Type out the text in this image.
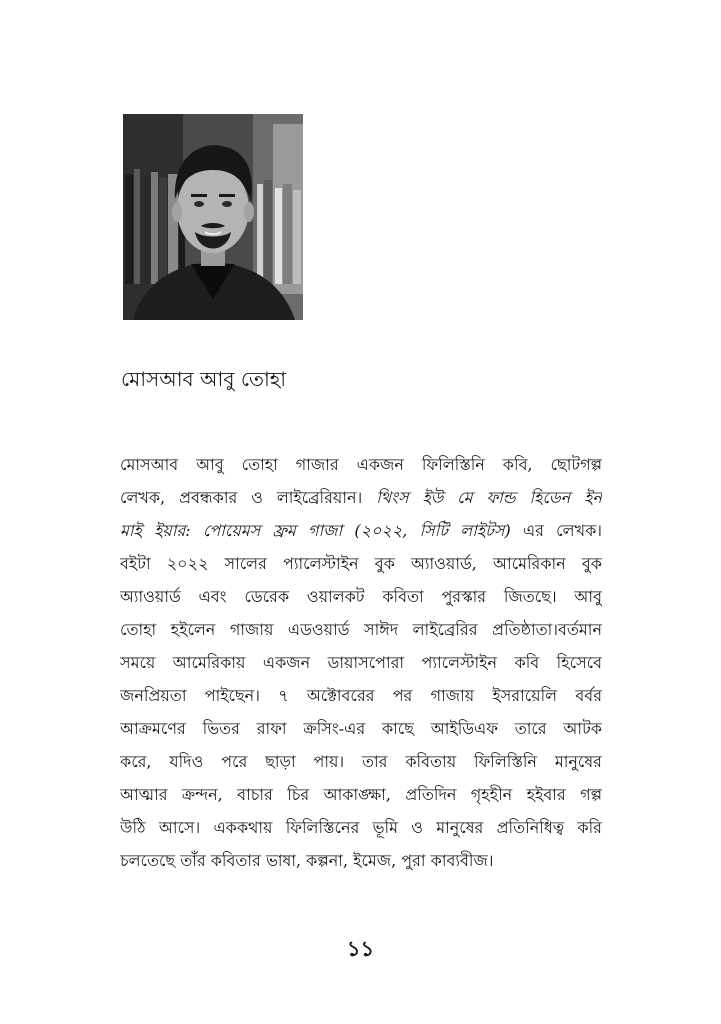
মোসআব আবু তোহা
মোসআব আবু তোহা গাজার একজন ফিলিস্তিনি কবি, ছোটগল্প
লেখক, প্রবন্ধকার ও লাইব্রেরিয়ান। থিংস ইউ মে ফান্ড হিডেন ইন
মাই ইয়ার: পোয়েমস ফ্রম গাজা (২০২২, সিটি লাইটস) এর লেখক।
বইটা ২০২২ সালের প্যালেস্টাইন বুক অ্যাওয়ার্ড, আমেরিকান বুক
অ্যাওয়ার্ড এবং ডেরেক ওয়ালকট কবিতা পুরস্কার জিতছে। আবু
তোহা হইলেন গাজায় এডওয়ার্ড সাঈদ লাইব্রেরির প্রতিষ্ঠাতা।বর্তমান
সময়ে আমেরিকায় একজন ডায়াসপোরা প্যালেস্টাইন কবি হিসেবে
জনপ্রিয়তা পাইছেন। ৭ অক্টোবরের পর গাজায় ইসরায়েলি বর্বর
আক্রমণের ভিতর রাফা ক্রসিং-এর কাছে আইডিএফ তারে আটক
করে, যদিও পরে ছাড়া পায়। তার কবিতায় ফিলিস্তিনি মানুষের
আত্মার ক্রন্দন, বাচার চির আকাঙ্ক্ষা, প্রতিদিন গৃহহীন হইবার গল্প
উঠি আসে। এককথায় ফিলিস্তিনের ভূমি ও মানুষের প্রতিনিধিত্ব করি
চলতেছে তাঁর কবিতার ভাষা, কল্পনা, ইমেজ, পুরা কাব্যবীজ।
১১
